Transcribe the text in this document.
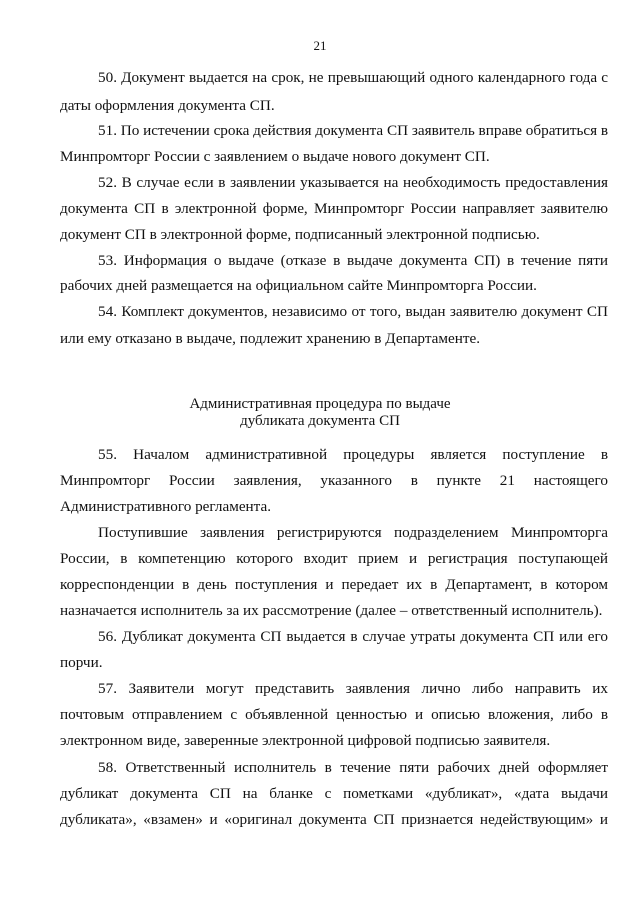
21
50. Документ выдается на срок, не превышающий одного календарного года с
даты оформления документа СП.
51. По истечении срока действия документа СП заявитель вправе обратиться в
Минпромторг России с заявлением о выдаче нового документ СП.
52. В случае если в заявлении указывается на необходимость предоставления
документа СП в электронной форме, Минпромторг России направляет заявителю
документ СП в электронной форме, подписанный электронной подписью.
53. Информация о выдаче (отказе в выдаче документа СП) в течение пяти
рабочих дней размещается на официальном сайте Минпромторга России.
54. Комплект документов, независимо от того, выдан заявителю документ СП
или ему отказано в выдаче, подлежит хранению в Департаменте.
Административная процедура по выдаче
дубликата документа СП
55.    Началом    административной    процедуры    является    поступление    в
Минпромторг    России    заявления,    указанного    в    пункте    21    настоящего
Административного регламента.
Поступившие заявления регистрируются подразделением Минпромторга
России, в компетенцию которого входит прием и регистрация поступающей
корреспонденции в день поступления и передает их в Департамент, в котором
назначается исполнитель за их рассмотрение (далее – ответственный исполнитель).
56. Дубликат документа СП выдается в случае утраты документа СП или его
порчи.
57. Заявители могут представить заявления лично либо направить их
почтовым отправлением с объявленной ценностью и описью вложения, либо в
электронном виде, заверенные электронной цифровой подписью заявителя.
58. Ответственный исполнитель в течение пяти рабочих дней оформляет
дубликат документа СП на бланке с пометками «дубликат», «дата выдачи
дубликата», «взамен» и «оригинал документа СП признается недействующим» и
